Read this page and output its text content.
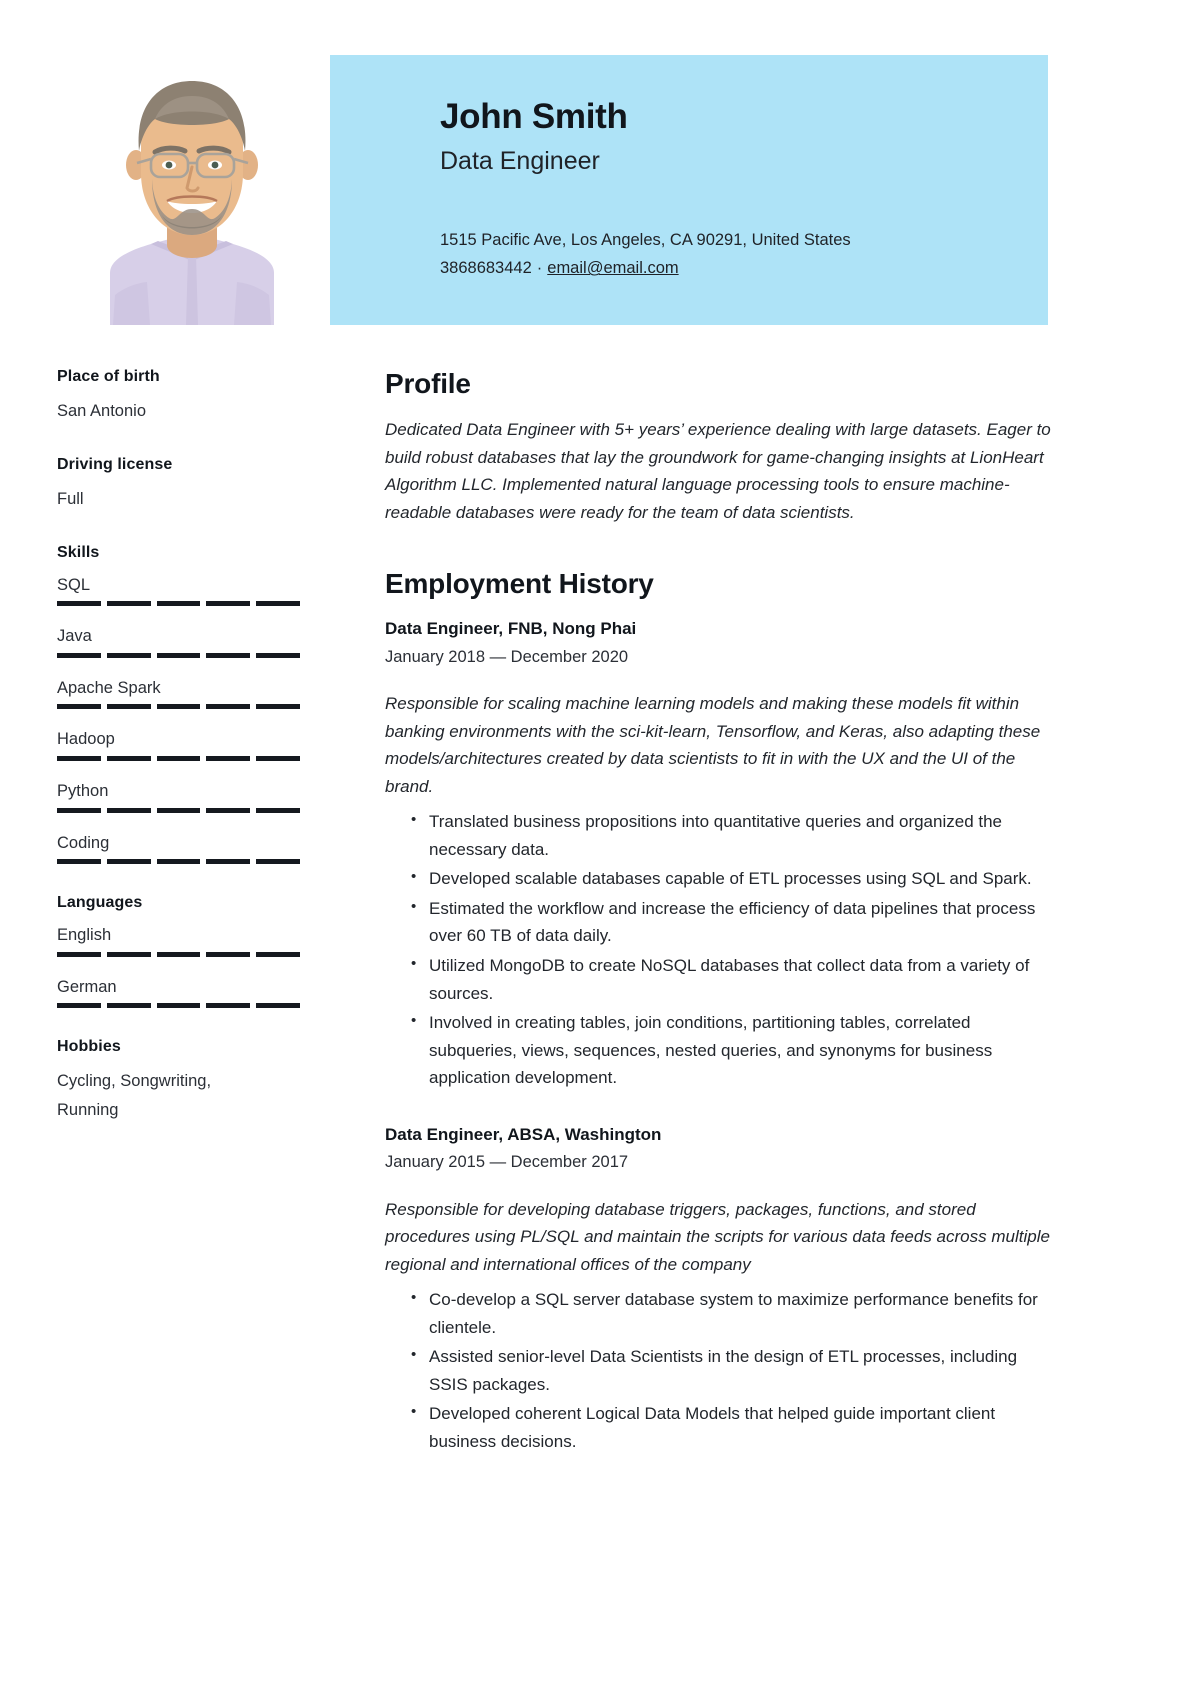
John Smith
Data Engineer
1515 Pacific Ave, Los Angeles, CA 90291, United States
3868683442 · email@email.com
Place of birth
San Antonio
Driving license
Full
Skills
SQL
Java
Apache Spark
Hadoop
Python
Coding
Languages
English
German
Hobbies
Cycling, Songwriting, Running
Profile
Dedicated Data Engineer with 5+ years’ experience dealing with large datasets. Eager to build robust databases that lay the groundwork for game-changing insights at LionHeart Algorithm LLC. Implemented natural language processing tools to ensure machine-readable databases were ready for the team of data scientists.
Employment History
Data Engineer, FNB, Nong Phai
January 2018 — December 2020
Responsible for scaling machine learning models and making these models fit within banking environments with the sci-kit-learn, Tensorflow, and Keras, also adapting these models/architectures created by data scientists to fit in with the UX and the UI of the brand.
• Translated business propositions into quantitative queries and organized the necessary data.
• Developed scalable databases capable of ETL processes using SQL and Spark.
• Estimated the workflow and increase the efficiency of data pipelines that process over 60 TB of data daily.
• Utilized MongoDB to create NoSQL databases that collect data from a variety of sources.
• Involved in creating tables, join conditions, partitioning tables, correlated subqueries, views, sequences, nested queries, and synonyms for business application development.
Data Engineer, ABSA, Washington
January 2015 — December 2017
Responsible for developing database triggers, packages, functions, and stored procedures using PL/SQL and maintain the scripts for various data feeds across multiple regional and international offices of the company
• Co-develop a SQL server database system to maximize performance benefits for clientele.
• Assisted senior-level Data Scientists in the design of ETL processes, including SSIS packages.
• Developed coherent Logical Data Models that helped guide important client business decisions.
